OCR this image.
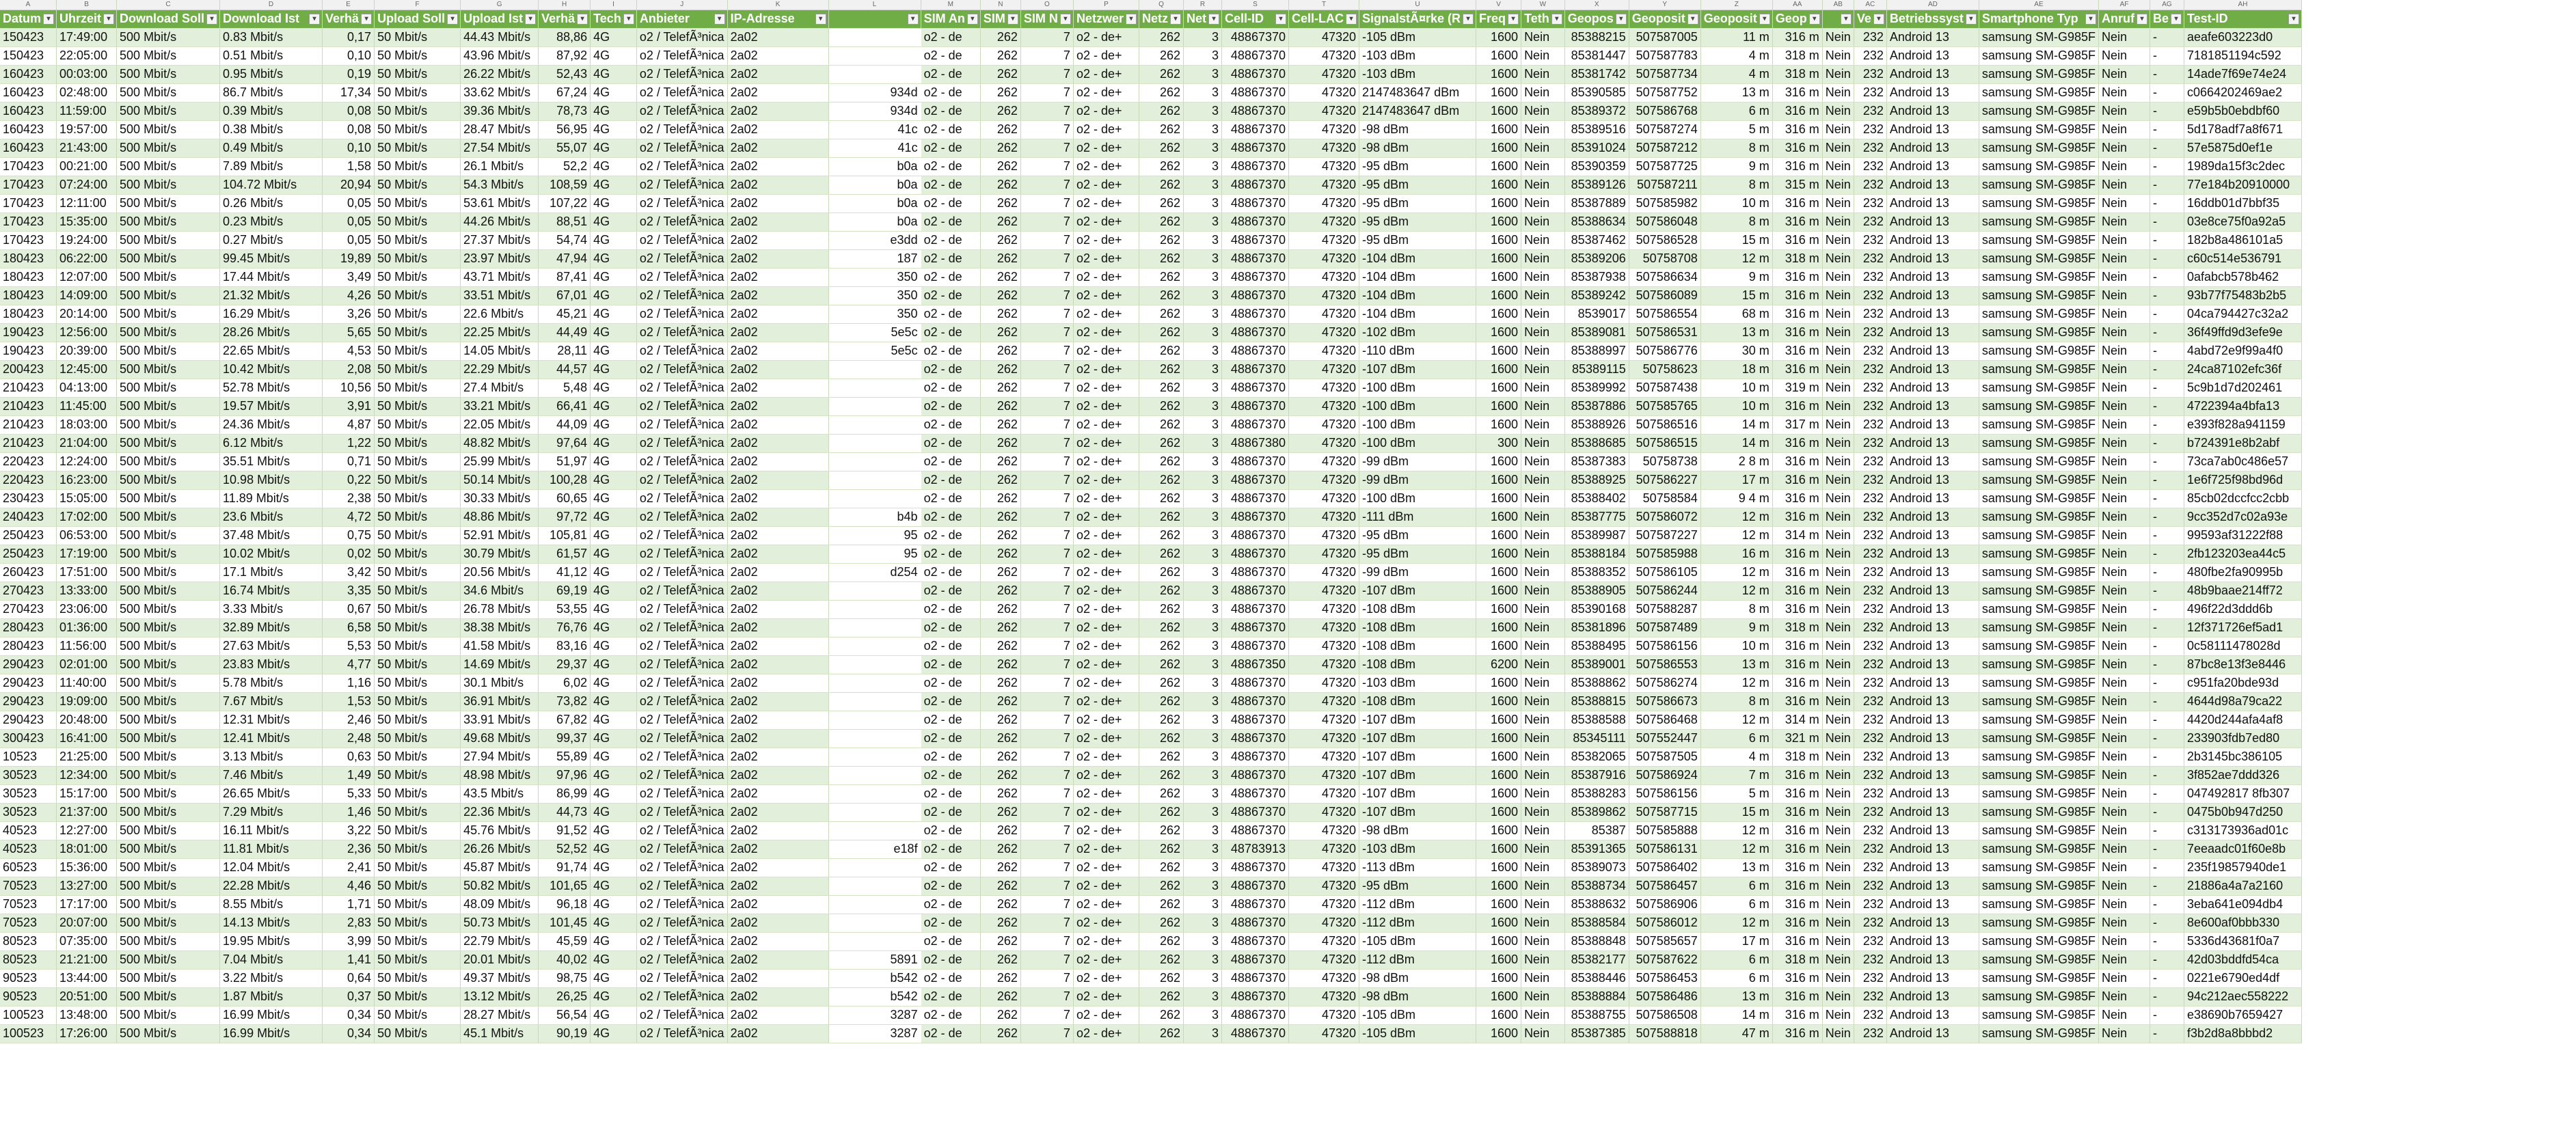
A	B	C	D	E	F	G	H	I	J	K	L	M	N	O	P	Q	R	S	T	U	V	W	X	Y	Z	AA	AB	AC	AD	AE	AF	AG	AH
Datum ▾	Uhrzeit ▾	Download Soll ▾	Download Ist ▾	Verhä ▾	Upload Soll ▾	Upload Ist ▾	Verhä ▾	Tech ▾	Anbieter ▾	IP-Adresse ▾	▾	SIM An ▾	SIM ▾	SIM N ▾	Netzwer ▾	Netz ▾	Net ▾	Cell-ID ▾	Cell-LAC ▾	SignalstÃ¤rke (R ▾	Freq ▾	Teth ▾	Geopos ▾	Geoposit ▾	Geoposit ▾	Geop ▾	▾	Ve ▾	Betriebssyst ▾	Smartphone Typ ▾	Anruf ▾	Be ▾	Test-ID ▾

150423	17:49:00	500 Mbit/s	0.83 Mbit/s	0,17	50 Mbit/s	44.43 Mbit/s	88,86	4G	o2 / TelefÃ³nica	2a02		o2 - de	262	7	o2 - de+	262	3	48867370	47320	-105 dBm	1600	Nein	85388215	507587005	11 m	316 m	Nein	232	Android 13	samsung SM-G985F	Nein	-	aeafe603223d0
150423	22:05:00	500 Mbit/s	0.51 Mbit/s	0,10	50 Mbit/s	43.96 Mbit/s	87,92	4G	o2 / TelefÃ³nica	2a02		o2 - de	262	7	o2 - de+	262	3	48867370	47320	-103 dBm	1600	Nein	85381447	507587783	4 m	318 m	Nein	232	Android 13	samsung SM-G985F	Nein	-	7181851194c592
160423	00:03:00	500 Mbit/s	0.95 Mbit/s	0,19	50 Mbit/s	26.22 Mbit/s	52,43	4G	o2 / TelefÃ³nica	2a02		o2 - de	262	7	o2 - de+	262	3	48867370	47320	-103 dBm	1600	Nein	85381742	507587734	4 m	318 m	Nein	232	Android 13	samsung SM-G985F	Nein	-	14ade7f69e74e24
160423	02:48:00	500 Mbit/s	86.7 Mbit/s	17,34	50 Mbit/s	33.62 Mbit/s	67,24	4G	o2 / TelefÃ³nica	2a02	934d	o2 - de	262	7	o2 - de+	262	3	48867370	47320	2147483647 dBm	1600	Nein	85390585	507587752	13 m	316 m	Nein	232	Android 13	samsung SM-G985F	Nein	-	c0664202469ae2
160423	11:59:00	500 Mbit/s	0.39 Mbit/s	0,08	50 Mbit/s	39.36 Mbit/s	78,73	4G	o2 / TelefÃ³nica	2a02	934d	o2 - de	262	7	o2 - de+	262	3	48867370	47320	2147483647 dBm	1600	Nein	85389372	507586768	6 m	316 m	Nein	232	Android 13	samsung SM-G985F	Nein	-	e59b5b0ebdbf60
160423	19:57:00	500 Mbit/s	0.38 Mbit/s	0,08	50 Mbit/s	28.47 Mbit/s	56,95	4G	o2 / TelefÃ³nica	2a02	41c	o2 - de	262	7	o2 - de+	262	3	48867370	47320	-98 dBm	1600	Nein	85389516	507587274	5 m	316 m	Nein	232	Android 13	samsung SM-G985F	Nein	-	5d178adf7a8f671
160423	21:43:00	500 Mbit/s	0.49 Mbit/s	0,10	50 Mbit/s	27.54 Mbit/s	55,07	4G	o2 / TelefÃ³nica	2a02	41c	o2 - de	262	7	o2 - de+	262	3	48867370	47320	-98 dBm	1600	Nein	85391024	507587212	8 m	316 m	Nein	232	Android 13	samsung SM-G985F	Nein	-	57e5875d0ef1e
170423	00:21:00	500 Mbit/s	7.89 Mbit/s	1,58	50 Mbit/s	26.1 Mbit/s	52,2	4G	o2 / TelefÃ³nica	2a02	b0a	o2 - de	262	7	o2 - de+	262	3	48867370	47320	-95 dBm	1600	Nein	85390359	507587725	9 m	316 m	Nein	232	Android 13	samsung SM-G985F	Nein	-	1989da15f3c2dec
170423	07:24:00	500 Mbit/s	104.72 Mbit/s	20,94	50 Mbit/s	54.3 Mbit/s	108,59	4G	o2 / TelefÃ³nica	2a02	b0a	o2 - de	262	7	o2 - de+	262	3	48867370	47320	-95 dBm	1600	Nein	85389126	507587211	8 m	315 m	Nein	232	Android 13	samsung SM-G985F	Nein	-	77e184b20910000
170423	12:11:00	500 Mbit/s	0.26 Mbit/s	0,05	50 Mbit/s	53.61 Mbit/s	107,22	4G	o2 / TelefÃ³nica	2a02	b0a	o2 - de	262	7	o2 - de+	262	3	48867370	47320	-95 dBm	1600	Nein	85387889	507585982	10 m	316 m	Nein	232	Android 13	samsung SM-G985F	Nein	-	16ddb01d7bbf35
170423	15:35:00	500 Mbit/s	0.23 Mbit/s	0,05	50 Mbit/s	44.26 Mbit/s	88,51	4G	o2 / TelefÃ³nica	2a02	b0a	o2 - de	262	7	o2 - de+	262	3	48867370	47320	-95 dBm	1600	Nein	85388634	507586048	8 m	316 m	Nein	232	Android 13	samsung SM-G985F	Nein	-	03e8ce75f0a92a5
170423	19:24:00	500 Mbit/s	0.27 Mbit/s	0,05	50 Mbit/s	27.37 Mbit/s	54,74	4G	o2 / TelefÃ³nica	2a02	e3dd	o2 - de	262	7	o2 - de+	262	3	48867370	47320	-95 dBm	1600	Nein	85387462	507586528	15 m	316 m	Nein	232	Android 13	samsung SM-G985F	Nein	-	182b8a486101a5
180423	06:22:00	500 Mbit/s	99.45 Mbit/s	19,89	50 Mbit/s	23.97 Mbit/s	47,94	4G	o2 / TelefÃ³nica	2a02	187	o2 - de	262	7	o2 - de+	262	3	48867370	47320	-104 dBm	1600	Nein	85389206	50758708	12 m	318 m	Nein	232	Android 13	samsung SM-G985F	Nein	-	c60c514e536791
180423	12:07:00	500 Mbit/s	17.44 Mbit/s	3,49	50 Mbit/s	43.71 Mbit/s	87,41	4G	o2 / TelefÃ³nica	2a02	350	o2 - de	262	7	o2 - de+	262	3	48867370	47320	-104 dBm	1600	Nein	85387938	507586634	9 m	316 m	Nein	232	Android 13	samsung SM-G985F	Nein	-	0afabcb578b462
180423	14:09:00	500 Mbit/s	21.32 Mbit/s	4,26	50 Mbit/s	33.51 Mbit/s	67,01	4G	o2 / TelefÃ³nica	2a02	350	o2 - de	262	7	o2 - de+	262	3	48867370	47320	-104 dBm	1600	Nein	85389242	507586089	15 m	316 m	Nein	232	Android 13	samsung SM-G985F	Nein	-	93b77f75483b2b5
180423	20:14:00	500 Mbit/s	16.29 Mbit/s	3,26	50 Mbit/s	22.6 Mbit/s	45,21	4G	o2 / TelefÃ³nica	2a02	350	o2 - de	262	7	o2 - de+	262	3	48867370	47320	-104 dBm	1600	Nein	8539017	507586554	68 m	316 m	Nein	232	Android 13	samsung SM-G985F	Nein	-	04ca794427c32a2
190423	12:56:00	500 Mbit/s	28.26 Mbit/s	5,65	50 Mbit/s	22.25 Mbit/s	44,49	4G	o2 / TelefÃ³nica	2a02	5e5c	o2 - de	262	7	o2 - de+	262	3	48867370	47320	-102 dBm	1600	Nein	85389081	507586531	13 m	316 m	Nein	232	Android 13	samsung SM-G985F	Nein	-	36f49ffd9d3efe9e
190423	20:39:00	500 Mbit/s	22.65 Mbit/s	4,53	50 Mbit/s	14.05 Mbit/s	28,11	4G	o2 / TelefÃ³nica	2a02	5e5c	o2 - de	262	7	o2 - de+	262	3	48867370	47320	-110 dBm	1600	Nein	85388997	507586776	30 m	316 m	Nein	232	Android 13	samsung SM-G985F	Nein	-	4abd72e9f99a4f0
200423	12:45:00	500 Mbit/s	10.42 Mbit/s	2,08	50 Mbit/s	22.29 Mbit/s	44,57	4G	o2 / TelefÃ³nica	2a02		o2 - de	262	7	o2 - de+	262	3	48867370	47320	-107 dBm	1600	Nein	85389115	50758623	18 m	316 m	Nein	232	Android 13	samsung SM-G985F	Nein	-	24ca87102efc36f
210423	04:13:00	500 Mbit/s	52.78 Mbit/s	10,56	50 Mbit/s	27.4 Mbit/s	5,48	4G	o2 / TelefÃ³nica	2a02		o2 - de	262	7	o2 - de+	262	3	48867370	47320	-100 dBm	1600	Nein	85389992	507587438	10 m	319 m	Nein	232	Android 13	samsung SM-G985F	Nein	-	5c9b1d7d202461
210423	11:45:00	500 Mbit/s	19.57 Mbit/s	3,91	50 Mbit/s	33.21 Mbit/s	66,41	4G	o2 / TelefÃ³nica	2a02		o2 - de	262	7	o2 - de+	262	3	48867370	47320	-100 dBm	1600	Nein	85387886	507585765	10 m	316 m	Nein	232	Android 13	samsung SM-G985F	Nein	-	4722394a4bfa13
210423	18:03:00	500 Mbit/s	24.36 Mbit/s	4,87	50 Mbit/s	22.05 Mbit/s	44,09	4G	o2 / TelefÃ³nica	2a02		o2 - de	262	7	o2 - de+	262	3	48867370	47320	-100 dBm	1600	Nein	85388926	507586516	14 m	317 m	Nein	232	Android 13	samsung SM-G985F	Nein	-	e393f828a941159
210423	21:04:00	500 Mbit/s	6.12 Mbit/s	1,22	50 Mbit/s	48.82 Mbit/s	97,64	4G	o2 / TelefÃ³nica	2a02		o2 - de	262	7	o2 - de+	262	3	48867380	47320	-100 dBm	300	Nein	85388685	507586515	14 m	316 m	Nein	232	Android 13	samsung SM-G985F	Nein	-	b724391e8b2abf
220423	12:24:00	500 Mbit/s	35.51 Mbit/s	0,71	50 Mbit/s	25.99 Mbit/s	51,97	4G	o2 / TelefÃ³nica	2a02		o2 - de	262	7	o2 - de+	262	3	48867370	47320	-99 dBm	1600	Nein	85387383	50758738	2 8 m	316 m	Nein	232	Android 13	samsung SM-G985F	Nein	-	73ca7ab0c486e57
220423	16:23:00	500 Mbit/s	10.98 Mbit/s	0,22	50 Mbit/s	50.14 Mbit/s	100,28	4G	o2 / TelefÃ³nica	2a02		o2 - de	262	7	o2 - de+	262	3	48867370	47320	-99 dBm	1600	Nein	85388925	507586227	17 m	316 m	Nein	232	Android 13	samsung SM-G985F	Nein	-	1e6f725f98bd96d
230423	15:05:00	500 Mbit/s	11.89 Mbit/s	2,38	50 Mbit/s	30.33 Mbit/s	60,65	4G	o2 / TelefÃ³nica	2a02		o2 - de	262	7	o2 - de+	262	3	48867370	47320	-100 dBm	1600	Nein	85388402	50758584	9 4 m	316 m	Nein	232	Android 13	samsung SM-G985F	Nein	-	85cb02dccfcc2cbb
240423	17:02:00	500 Mbit/s	23.6 Mbit/s	4,72	50 Mbit/s	48.86 Mbit/s	97,72	4G	o2 / TelefÃ³nica	2a02	b4b	o2 - de	262	7	o2 - de+	262	3	48867370	47320	-111 dBm	1600	Nein	85387775	507586072	12 m	316 m	Nein	232	Android 13	samsung SM-G985F	Nein	-	9cc352d7c02a93e
250423	06:53:00	500 Mbit/s	37.48 Mbit/s	0,75	50 Mbit/s	52.91 Mbit/s	105,81	4G	o2 / TelefÃ³nica	2a02	95	o2 - de	262	7	o2 - de+	262	3	48867370	47320	-95 dBm	1600	Nein	85389987	507587227	12 m	314 m	Nein	232	Android 13	samsung SM-G985F	Nein	-	99593af31222f88
250423	17:19:00	500 Mbit/s	10.02 Mbit/s	0,02	50 Mbit/s	30.79 Mbit/s	61,57	4G	o2 / TelefÃ³nica	2a02	95	o2 - de	262	7	o2 - de+	262	3	48867370	47320	-95 dBm	1600	Nein	85388184	507585988	16 m	316 m	Nein	232	Android 13	samsung SM-G985F	Nein	-	2fb123203ea44c5
260423	17:51:00	500 Mbit/s	17.1 Mbit/s	3,42	50 Mbit/s	20.56 Mbit/s	41,12	4G	o2 / TelefÃ³nica	2a02	d254	o2 - de	262	7	o2 - de+	262	3	48867370	47320	-99 dBm	1600	Nein	85388352	507586105	12 m	316 m	Nein	232	Android 13	samsung SM-G985F	Nein	-	480fbe2fa90995b
270423	13:33:00	500 Mbit/s	16.74 Mbit/s	3,35	50 Mbit/s	34.6 Mbit/s	69,19	4G	o2 / TelefÃ³nica	2a02		o2 - de	262	7	o2 - de+	262	3	48867370	47320	-107 dBm	1600	Nein	85388905	507586244	12 m	316 m	Nein	232	Android 13	samsung SM-G985F	Nein	-	48b9baae214ff72
270423	23:06:00	500 Mbit/s	3.33 Mbit/s	0,67	50 Mbit/s	26.78 Mbit/s	53,55	4G	o2 / TelefÃ³nica	2a02		o2 - de	262	7	o2 - de+	262	3	48867370	47320	-108 dBm	1600	Nein	85390168	507588287	8 m	316 m	Nein	232	Android 13	samsung SM-G985F	Nein	-	496f22d3ddd6b
280423	01:36:00	500 Mbit/s	32.89 Mbit/s	6,58	50 Mbit/s	38.38 Mbit/s	76,76	4G	o2 / TelefÃ³nica	2a02		o2 - de	262	7	o2 - de+	262	3	48867370	47320	-108 dBm	1600	Nein	85381896	507587489	9 m	318 m	Nein	232	Android 13	samsung SM-G985F	Nein	-	12f371726ef5ad1
280423	11:56:00	500 Mbit/s	27.63 Mbit/s	5,53	50 Mbit/s	41.58 Mbit/s	83,16	4G	o2 / TelefÃ³nica	2a02		o2 - de	262	7	o2 - de+	262	3	48867370	47320	-108 dBm	1600	Nein	85388495	507586156	10 m	316 m	Nein	232	Android 13	samsung SM-G985F	Nein	-	0c58111478028d
290423	02:01:00	500 Mbit/s	23.83 Mbit/s	4,77	50 Mbit/s	14.69 Mbit/s	29,37	4G	o2 / TelefÃ³nica	2a02		o2 - de	262	7	o2 - de+	262	3	48867350	47320	-108 dBm	6200	Nein	85389001	507586553	13 m	316 m	Nein	232	Android 13	samsung SM-G985F	Nein	-	87bc8e13f3e8446
290423	11:40:00	500 Mbit/s	5.78 Mbit/s	1,16	50 Mbit/s	30.1 Mbit/s	6,02	4G	o2 / TelefÃ³nica	2a02		o2 - de	262	7	o2 - de+	262	3	48867370	47320	-103 dBm	1600	Nein	85388862	507586274	12 m	316 m	Nein	232	Android 13	samsung SM-G985F	Nein	-	c951fa20bde93d
290423	19:09:00	500 Mbit/s	7.67 Mbit/s	1,53	50 Mbit/s	36.91 Mbit/s	73,82	4G	o2 / TelefÃ³nica	2a02		o2 - de	262	7	o2 - de+	262	3	48867370	47320	-108 dBm	1600	Nein	85388815	507586673	8 m	316 m	Nein	232	Android 13	samsung SM-G985F	Nein	-	4644d98a79ca22
290423	20:48:00	500 Mbit/s	12.31 Mbit/s	2,46	50 Mbit/s	33.91 Mbit/s	67,82	4G	o2 / TelefÃ³nica	2a02		o2 - de	262	7	o2 - de+	262	3	48867370	47320	-107 dBm	1600	Nein	85388588	507586468	12 m	314 m	Nein	232	Android 13	samsung SM-G985F	Nein	-	4420d244afa4af8
300423	16:41:00	500 Mbit/s	12.41 Mbit/s	2,48	50 Mbit/s	49.68 Mbit/s	99,37	4G	o2 / TelefÃ³nica	2a02		o2 - de	262	7	o2 - de+	262	3	48867370	47320	-107 dBm	1600	Nein	85345111	507552447	6 m	321 m	Nein	232	Android 13	samsung SM-G985F	Nein	-	233903fdb7ed80
10523	21:25:00	500 Mbit/s	3.13 Mbit/s	0,63	50 Mbit/s	27.94 Mbit/s	55,89	4G	o2 / TelefÃ³nica	2a02		o2 - de	262	7	o2 - de+	262	3	48867370	47320	-107 dBm	1600	Nein	85382065	507587505	4 m	318 m	Nein	232	Android 13	samsung SM-G985F	Nein	-	2b3145bc386105
30523	12:34:00	500 Mbit/s	7.46 Mbit/s	1,49	50 Mbit/s	48.98 Mbit/s	97,96	4G	o2 / TelefÃ³nica	2a02		o2 - de	262	7	o2 - de+	262	3	48867370	47320	-107 dBm	1600	Nein	85387916	507586924	7 m	316 m	Nein	232	Android 13	samsung SM-G985F	Nein	-	3f852ae7ddd326
30523	15:17:00	500 Mbit/s	26.65 Mbit/s	5,33	50 Mbit/s	43.5 Mbit/s	86,99	4G	o2 / TelefÃ³nica	2a02		o2 - de	262	7	o2 - de+	262	3	48867370	47320	-107 dBm	1600	Nein	85388283	507586156	5 m	316 m	Nein	232	Android 13	samsung SM-G985F	Nein	-	047492817 8fb307
30523	21:37:00	500 Mbit/s	7.29 Mbit/s	1,46	50 Mbit/s	22.36 Mbit/s	44,73	4G	o2 / TelefÃ³nica	2a02		o2 - de	262	7	o2 - de+	262	3	48867370	47320	-107 dBm	1600	Nein	85389862	507587715	15 m	316 m	Nein	232	Android 13	samsung SM-G985F	Nein	-	0475b0b947d250
40523	12:27:00	500 Mbit/s	16.11 Mbit/s	3,22	50 Mbit/s	45.76 Mbit/s	91,52	4G	o2 / TelefÃ³nica	2a02		o2 - de	262	7	o2 - de+	262	3	48867370	47320	-98 dBm	1600	Nein	85387	507585888	12 m	316 m	Nein	232	Android 13	samsung SM-G985F	Nein	-	c313173936ad01c
40523	18:01:00	500 Mbit/s	11.81 Mbit/s	2,36	50 Mbit/s	26.26 Mbit/s	52,52	4G	o2 / TelefÃ³nica	2a02	e18f	o2 - de	262	7	o2 - de+	262	3	48783913	47320	-103 dBm	1600	Nein	85391365	507586131	12 m	316 m	Nein	232	Android 13	samsung SM-G985F	Nein	-	7eeaadc01f60e8b
60523	15:36:00	500 Mbit/s	12.04 Mbit/s	2,41	50 Mbit/s	45.87 Mbit/s	91,74	4G	o2 / TelefÃ³nica	2a02		o2 - de	262	7	o2 - de+	262	3	48867370	47320	-113 dBm	1600	Nein	85389073	507586402	13 m	316 m	Nein	232	Android 13	samsung SM-G985F	Nein	-	235f19857940de1
70523	13:27:00	500 Mbit/s	22.28 Mbit/s	4,46	50 Mbit/s	50.82 Mbit/s	101,65	4G	o2 / TelefÃ³nica	2a02		o2 - de	262	7	o2 - de+	262	3	48867370	47320	-95 dBm	1600	Nein	85388734	507586457	6 m	316 m	Nein	232	Android 13	samsung SM-G985F	Nein	-	21886a4a7a2160
70523	17:17:00	500 Mbit/s	8.55 Mbit/s	1,71	50 Mbit/s	48.09 Mbit/s	96,18	4G	o2 / TelefÃ³nica	2a02		o2 - de	262	7	o2 - de+	262	3	48867370	47320	-112 dBm	1600	Nein	85388632	507586906	6 m	316 m	Nein	232	Android 13	samsung SM-G985F	Nein	-	3eba641e094db4
70523	20:07:00	500 Mbit/s	14.13 Mbit/s	2,83	50 Mbit/s	50.73 Mbit/s	101,45	4G	o2 / TelefÃ³nica	2a02		o2 - de	262	7	o2 - de+	262	3	48867370	47320	-112 dBm	1600	Nein	85388584	507586012	12 m	316 m	Nein	232	Android 13	samsung SM-G985F	Nein	-	8e600af0bbb330
80523	07:35:00	500 Mbit/s	19.95 Mbit/s	3,99	50 Mbit/s	22.79 Mbit/s	45,59	4G	o2 / TelefÃ³nica	2a02		o2 - de	262	7	o2 - de+	262	3	48867370	47320	-105 dBm	1600	Nein	85388848	507585657	17 m	316 m	Nein	232	Android 13	samsung SM-G985F	Nein	-	5336d43681f0a7
80523	21:21:00	500 Mbit/s	7.04 Mbit/s	1,41	50 Mbit/s	20.01 Mbit/s	40,02	4G	o2 / TelefÃ³nica	2a02	5891	o2 - de	262	7	o2 - de+	262	3	48867370	47320	-112 dBm	1600	Nein	85382177	507587622	6 m	318 m	Nein	232	Android 13	samsung SM-G985F	Nein	-	42d03bddfd54ca
90523	13:44:00	500 Mbit/s	3.22 Mbit/s	0,64	50 Mbit/s	49.37 Mbit/s	98,75	4G	o2 / TelefÃ³nica	2a02	b542	o2 - de	262	7	o2 - de+	262	3	48867370	47320	-98 dBm	1600	Nein	85388446	507586453	6 m	316 m	Nein	232	Android 13	samsung SM-G985F	Nein	-	0221e6790ed4df
90523	20:51:00	500 Mbit/s	1.87 Mbit/s	0,37	50 Mbit/s	13.12 Mbit/s	26,25	4G	o2 / TelefÃ³nica	2a02	b542	o2 - de	262	7	o2 - de+	262	3	48867370	47320	-98 dBm	1600	Nein	85388884	507586486	13 m	316 m	Nein	232	Android 13	samsung SM-G985F	Nein	-	94c212aec558222
100523	13:48:00	500 Mbit/s	16.99 Mbit/s	0,34	50 Mbit/s	28.27 Mbit/s	56,54	4G	o2 / TelefÃ³nica	2a02	3287	o2 - de	262	7	o2 - de+	262	3	48867370	47320	-105 dBm	1600	Nein	85388755	507586508	14 m	316 m	Nein	232	Android 13	samsung SM-G985F	Nein	-	e38690b7659427
100523	17:26:00	500 Mbit/s	16.99 Mbit/s	0,34	50 Mbit/s	45.1 Mbit/s	90,19	4G	o2 / TelefÃ³nica	2a02	3287	o2 - de	262	7	o2 - de+	262	3	48867370	47320	-105 dBm	1600	Nein	85387385	507588818	47 m	316 m	Nein	232	Android 13	samsung SM-G985F	Nein	-	f3b2d8a8bbbd2
